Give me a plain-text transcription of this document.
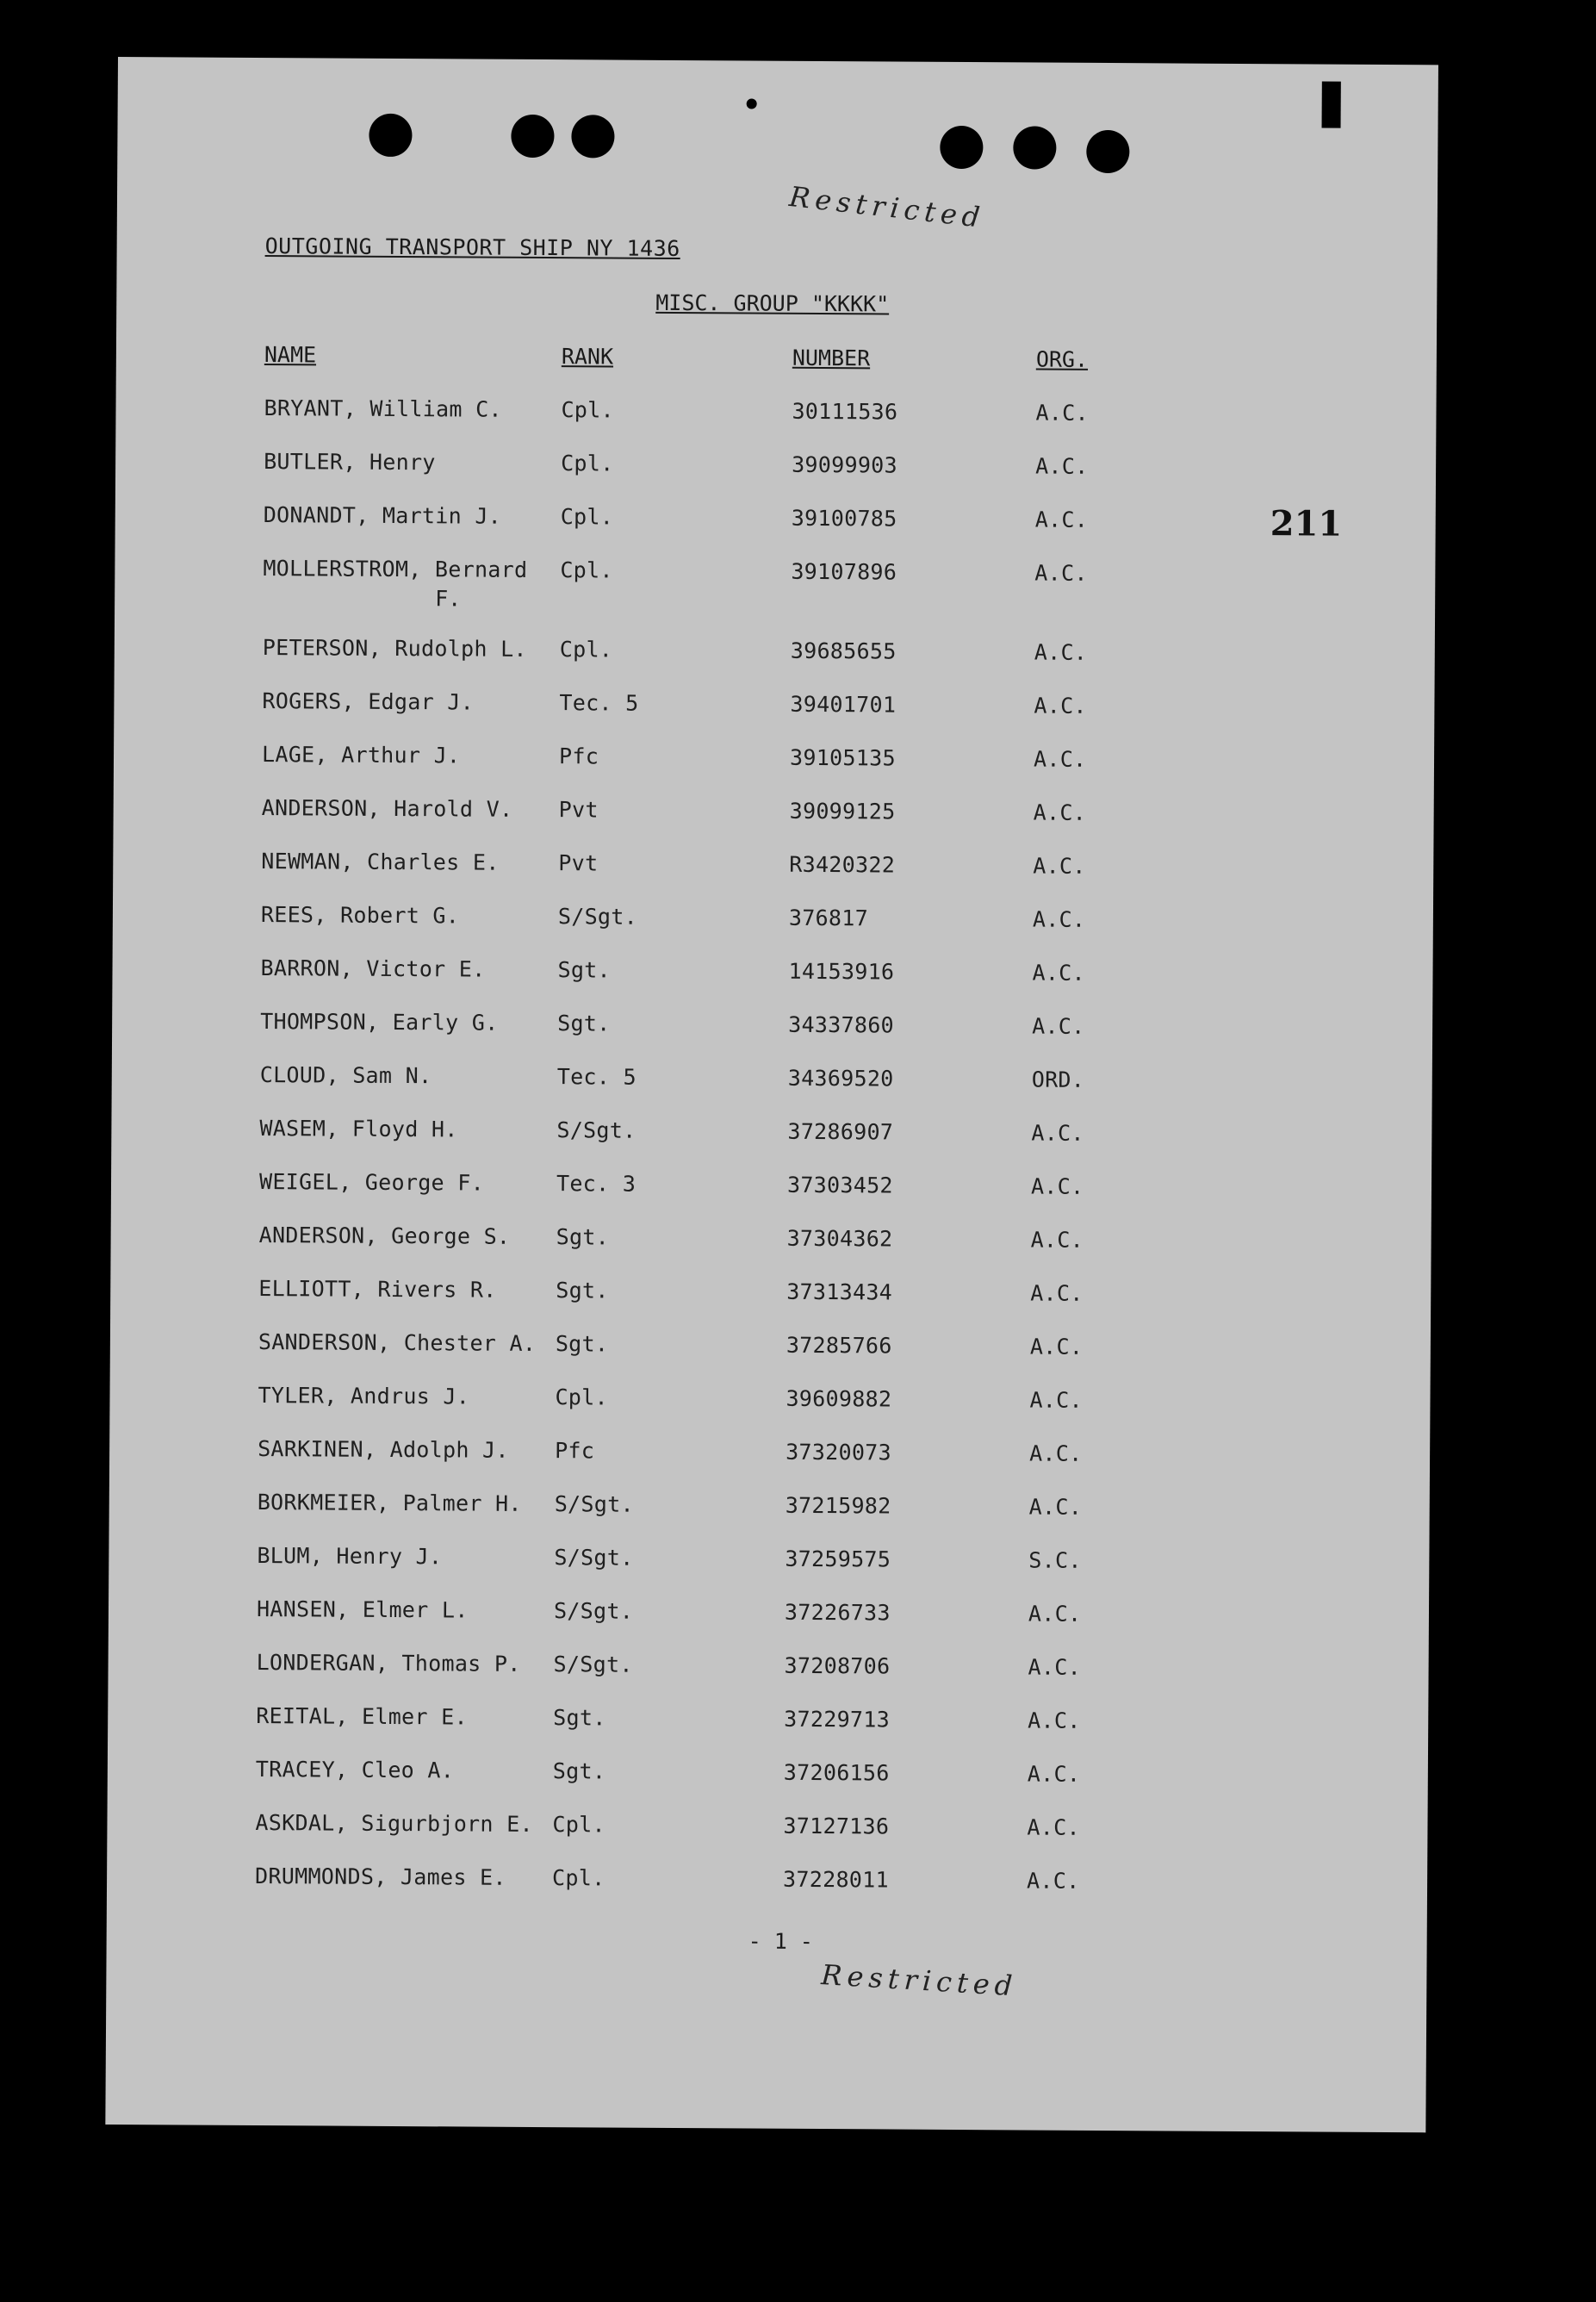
Restricted
OUTGOING TRANSPORT SHIP NY 1436
MISC. GROUP "KKKK"
211
NAME	RANK	NUMBER	ORG.
BRYANT, William C.	Cpl.	30111536	A.C.
BUTLER, Henry	Cpl.	39099903	A.C.
DONANDT, Martin J.	Cpl.	39100785	A.C.
MOLLERSTROM, Bernard Cpl.	39107896	A.C.
F.
PETERSON, Rudolph L. Cpl.	39685655	A.C.
ROGERS, Edgar J.	Tec. 5	39401701	A.C.
LAGE, Arthur J.	Pfc	39105135	A.C.
ANDERSON, Harold V. Pvt	39099125	A.C.
NEWMAN, Charles E.	Pvt	R3420322	A.C.
REES, Robert G.	S/Sgt.	376817	A.C.
BARRON, Victor E.	Sgt.	14153916	A.C.
THOMPSON, Early G.	Sgt.	34337860	A.C.
CLOUD, Sam N.	Tec. 5	34369520	ORD.
WASEM, Floyd H.	S/Sgt.	37286907	A.C.
WEIGEL, George F.	Tec. 3	37303452	A.C.
ANDERSON, George S. Sgt.	37304362	A.C.
ELLIOTT, Rivers R.	Sgt.	37313434	A.C.
SANDERSON, Chester A. Sgt.	37285766	A.C.
TYLER, Andrus J.	Cpl.	39609882	A.C.
SARKINEN, Adolph J. Pfc	37320073	A.C.
BORKMEIER, Palmer H. S/Sgt.	37215982	A.C.
BLUM, Henry J.	S/Sgt.	37259575	S.C.
HANSEN, Elmer L.	S/Sgt.	37226733	A.C.
LONDERGAN, Thomas P. S/Sgt.	37208706	A.C.
REITAL, Elmer E.	Sgt.	37229713	A.C.
TRACEY, Cleo A.	Sgt.	37206156	A.C.
ASKDAL, Sigurbjorn E. Cpl.	37127136	A.C.
DRUMMONDS, James E. Cpl.	37228011	A.C.
- 1 -
Restricted
